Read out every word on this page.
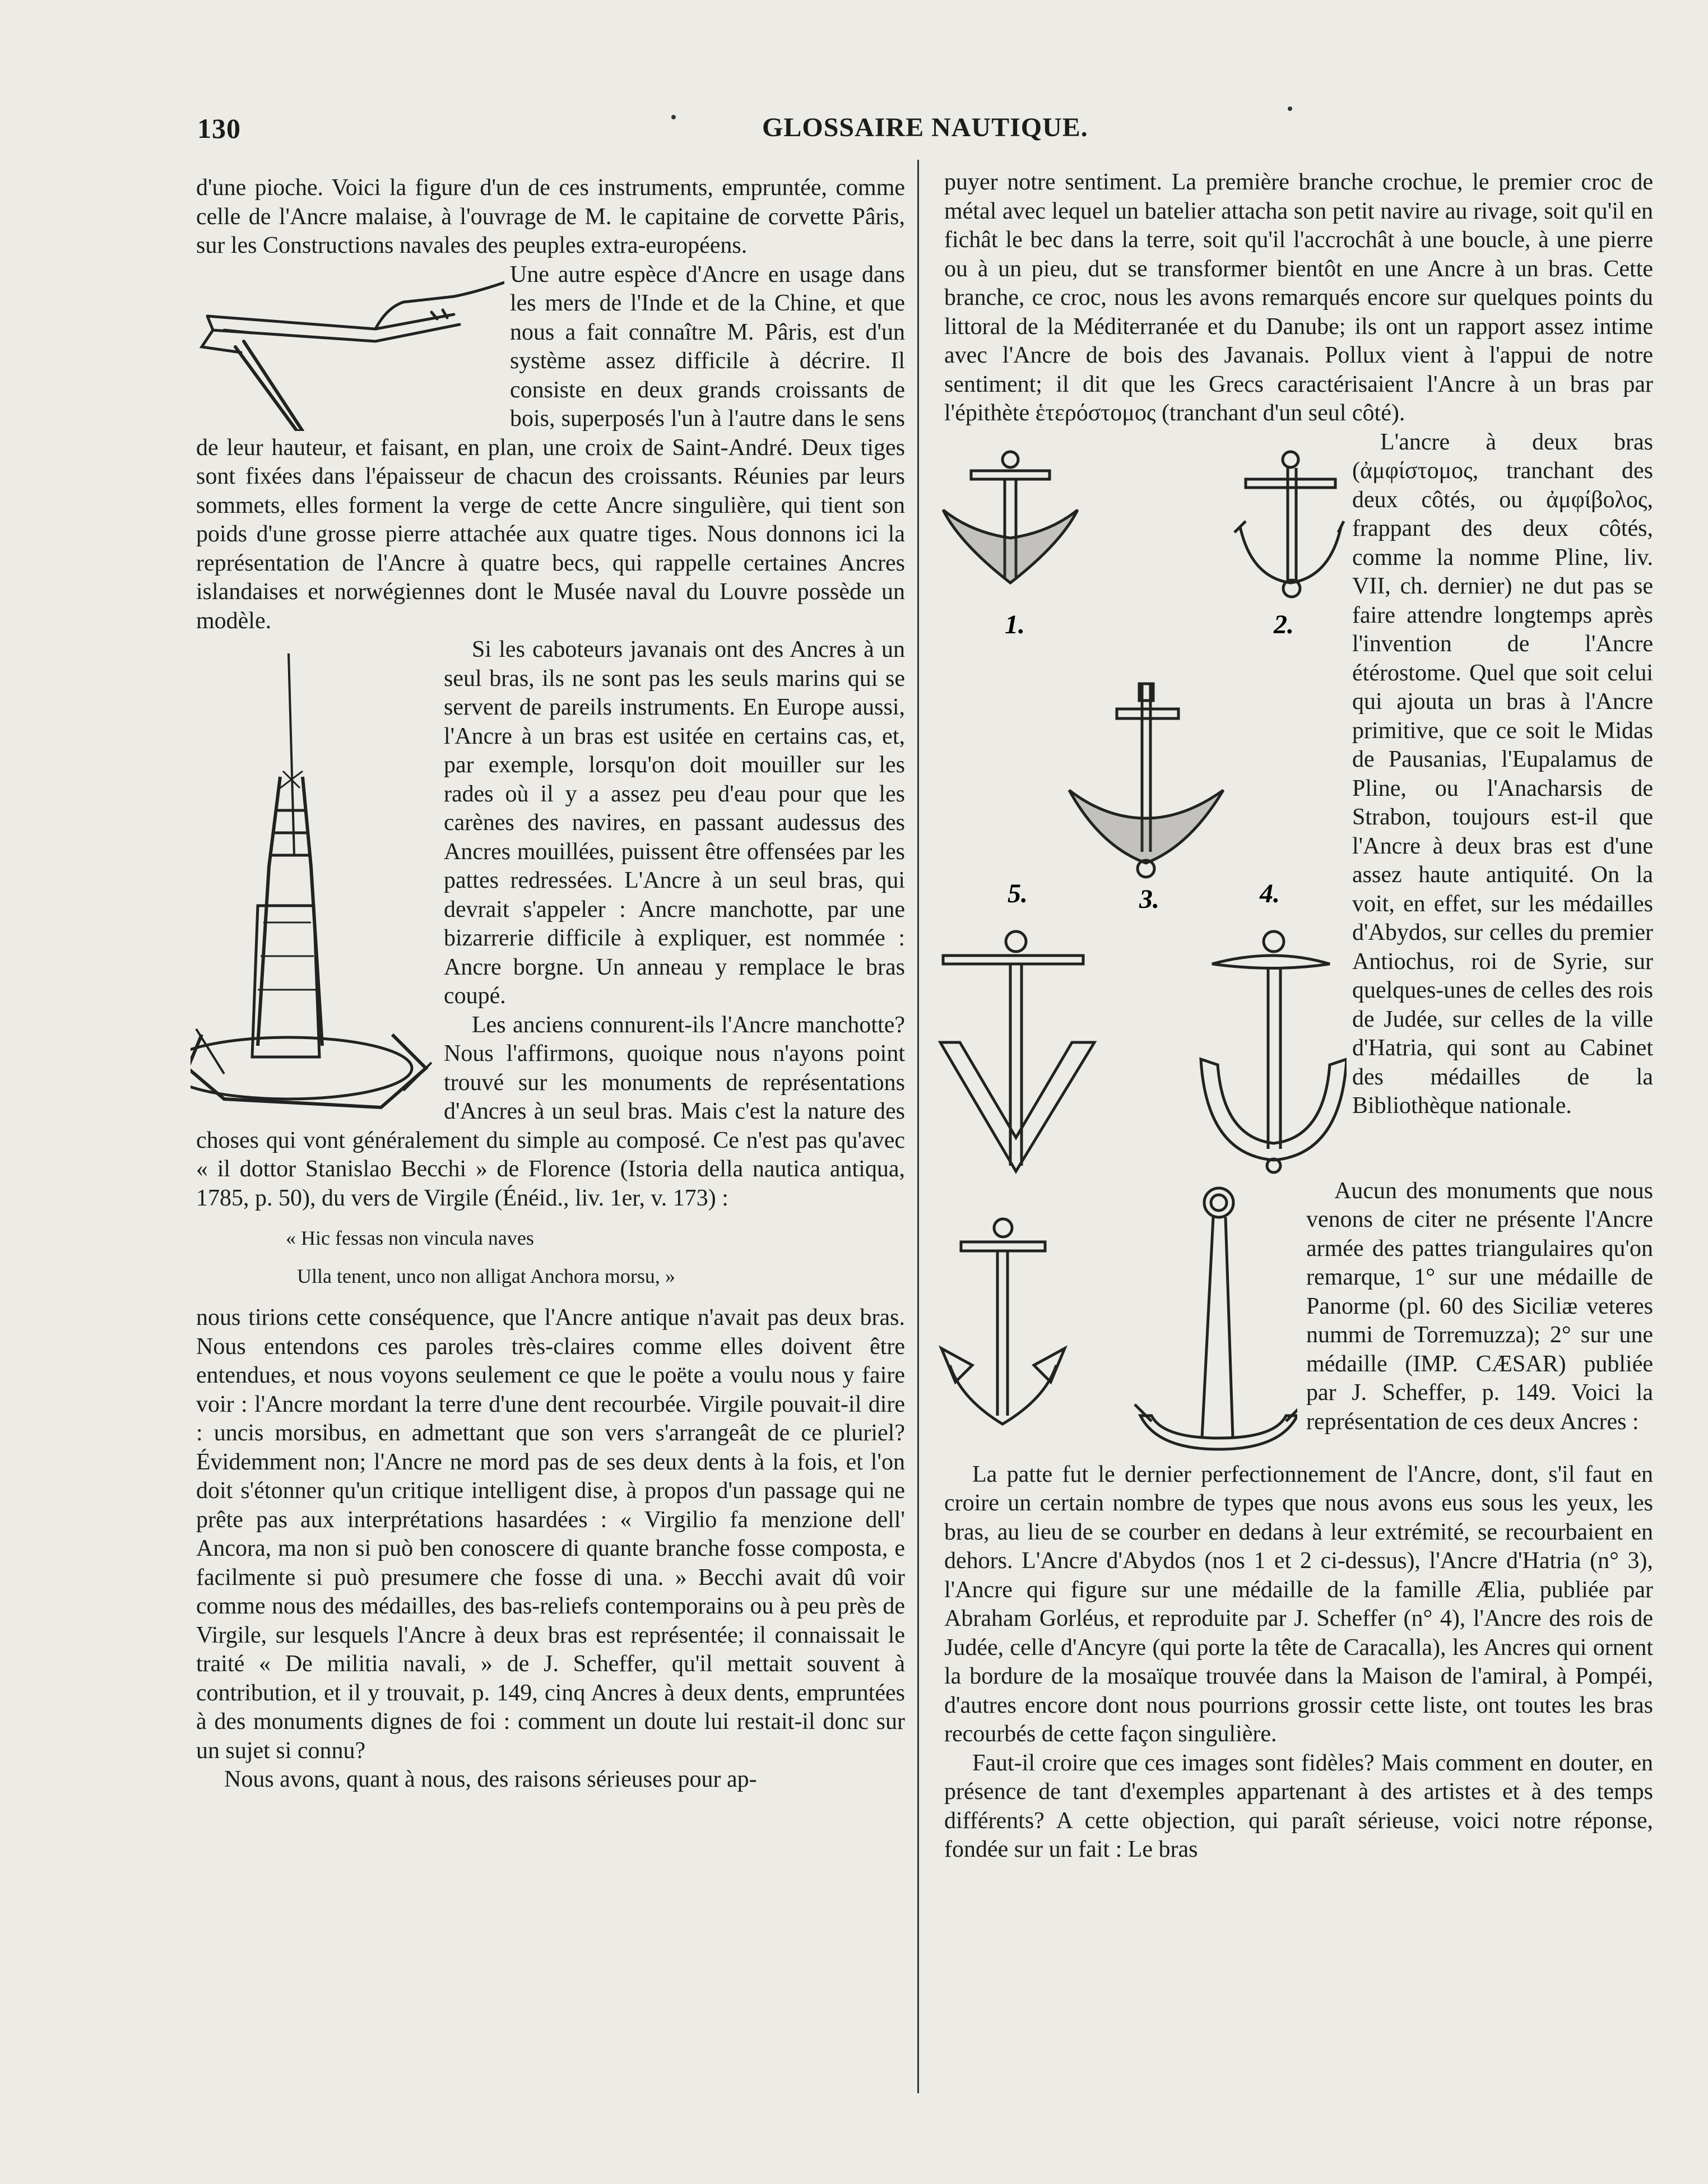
130	GLOSSAIRE NAUTIQUE.

d'une pioche. Voici la figure d'un de ces instruments, empruntée, comme celle de l'Ancre malaise, à l'ouvrage de M. le capitaine de corvette Pâris, sur les Constructions navales des peuples extra-européens.

Une autre espèce d'Ancre en usage dans les mers de l'Inde et de la Chine, et que nous a fait connaître M. Pâris, est d'un système assez difficile à décrire. Il consiste en deux grands croissants de bois, superposés l'un à l'autre dans le sens de leur hauteur, et faisant, en plan, une croix de Saint-André. Deux tiges sont fixées dans l'épaisseur de chacun des croissants. Réunies par leurs sommets, elles forment la verge de cette Ancre singulière, qui tient son poids d'une grosse pierre attachée aux quatre tiges. Nous donnons ici la représentation de l'Ancre à quatre becs, qui rappelle certaines Ancres islandaises et norwégiennes dont le Musée naval du Louvre possède un modèle.

Si les caboteurs javanais ont des Ancres à un seul bras, ils ne sont pas les seuls marins qui se servent de pareils instruments. En Europe aussi, l'Ancre à un bras est usitée en certains cas, et, par exemple, lorsqu'on doit mouiller sur les rades où il y a assez peu d'eau pour que les carènes des navires, en passant audessus des Ancres mouillées, puissent être offensées par les pattes redressées. L'Ancre à un seul bras, qui devrait s'appeler : Ancre manchotte, par une bizarrerie difficile à expliquer, est nommée : Ancre borgne. Un anneau y remplace le bras coupé.

Les anciens connurent-ils l'Ancre manchotte? Nous l'affirmons, quoique nous n'ayons point trouvé sur les monuments de représentations d'Ancres à un seul bras. Mais c'est la nature des choses qui vont généralement du simple au composé. Ce n'est pas qu'avec « il dottor Stanislao Becchi » de Florence (Istoria della nautica antiqua, 1785, p. 50), du vers de Virgile (Énéid., liv. 1er, v. 173) :

« Hic fessas non vincula naves
Ulla tenent, unco non alligat Anchora morsu, »

nous tirions cette conséquence, que l'Ancre antique n'avait pas deux bras. Nous entendons ces paroles très-claires comme elles doivent être entendues, et nous voyons seulement ce que le poëte a voulu nous y faire voir : l'Ancre mordant la terre d'une dent recourbée. Virgile pouvait-il dire : uncis morsibus, en admettant que son vers s'arrangeât de ce pluriel? Évidemment non; l'Ancre ne mord pas de ses deux dents à la fois, et l'on doit s'étonner qu'un critique intelligent dise, à propos d'un passage qui ne prête pas aux interprétations hasardées : « Virgilio fa menzione dell' Ancora, ma non si può ben conoscere di quante branche fosse composta, e facilmente si può presumere che fosse di una. » Becchi avait dû voir comme nous des médailles, des bas-reliefs contemporains ou à peu près de Virgile, sur lesquels l'Ancre à deux bras est représentée; il connaissait le traité « De militia navali, » de J. Scheffer, qu'il mettait souvent à contribution, et il y trouvait, p. 149, cinq Ancres à deux dents, empruntées à des monuments dignes de foi : comment un doute lui restait-il donc sur un sujet si connu?

Nous avons, quant à nous, des raisons sérieuses pour ap-

puyer notre sentiment. La première branche crochue, le premier croc de métal avec lequel un batelier attacha son petit navire au rivage, soit qu'il en fichât le bec dans la terre, soit qu'il l'accrochât à une boucle, à une pierre ou à un pieu, dut se transformer bientôt en une Ancre à un bras. Cette branche, ce croc, nous les avons remarqués encore sur quelques points du littoral de la Méditerranée et du Danube; ils ont un rapport assez intime avec l'Ancre de bois des Javanais. Pollux vient à l'appui de notre sentiment; il dit que les Grecs caractérisaient l'Ancre à un bras par l'épithète ἑτερόστομος (tranchant d'un seul côté).

1.	2.
3.	4.
5.

L'ancre à deux bras (ἀμφίστομος, tranchant des deux côtés, ou ἀμφίβολος, frappant des deux côtés, comme la nomme Pline, liv. VII, ch. dernier) ne dut pas se faire attendre longtemps après l'invention de l'Ancre étérostome. Quel que soit celui qui ajouta un bras à l'Ancre primitive, que ce soit le Midas de Pausanias, l'Eupalamus de Pline, ou l'Anacharsis de Strabon, toujours est-il que l'Ancre à deux bras est d'une assez haute antiquité. On la voit, en effet, sur les médailles d'Abydos, sur celles du premier Antiochus, roi de Syrie, sur quelques-unes de celles des rois de Judée, sur celles de la ville d'Hatria, qui sont au Cabinet des médailles de la Bibliothèque nationale.

Aucun des monuments que nous venons de citer ne présente l'Ancre armée des pattes triangulaires qu'on remarque, 1° sur une médaille de Panorme (pl. 60 des Siciliæ veteres nummi de Torremuzza); 2° sur une médaille (IMP. CÆSAR) publiée par J. Scheffer, p. 149. Voici la représentation de ces deux Ancres :

La patte fut le dernier perfectionnement de l'Ancre, dont, s'il faut en croire un certain nombre de types que nous avons eus sous les yeux, les bras, au lieu de se courber en dedans à leur extrémité, se recourbaient en dehors. L'Ancre d'Abydos (nos 1 et 2 ci-dessus), l'Ancre d'Hatria (n° 3), l'Ancre qui figure sur une médaille de la famille Ælia, publiée par Abraham Gorléus, et reproduite par J. Scheffer (n° 4), l'Ancre des rois de Judée, celle d'Ancyre (qui porte la tête de Caracalla), les Ancres qui ornent la bordure de la mosaïque trouvée dans la Maison de l'amiral, à Pompéi, d'autres encore dont nous pourrions grossir cette liste, ont toutes les bras recourbés de cette façon singulière.

Faut-il croire que ces images sont fidèles? Mais comment en douter, en présence de tant d'exemples appartenant à des artistes et à des temps différents? A cette objection, qui paraît sérieuse, voici notre réponse, fondée sur un fait : Le bras
